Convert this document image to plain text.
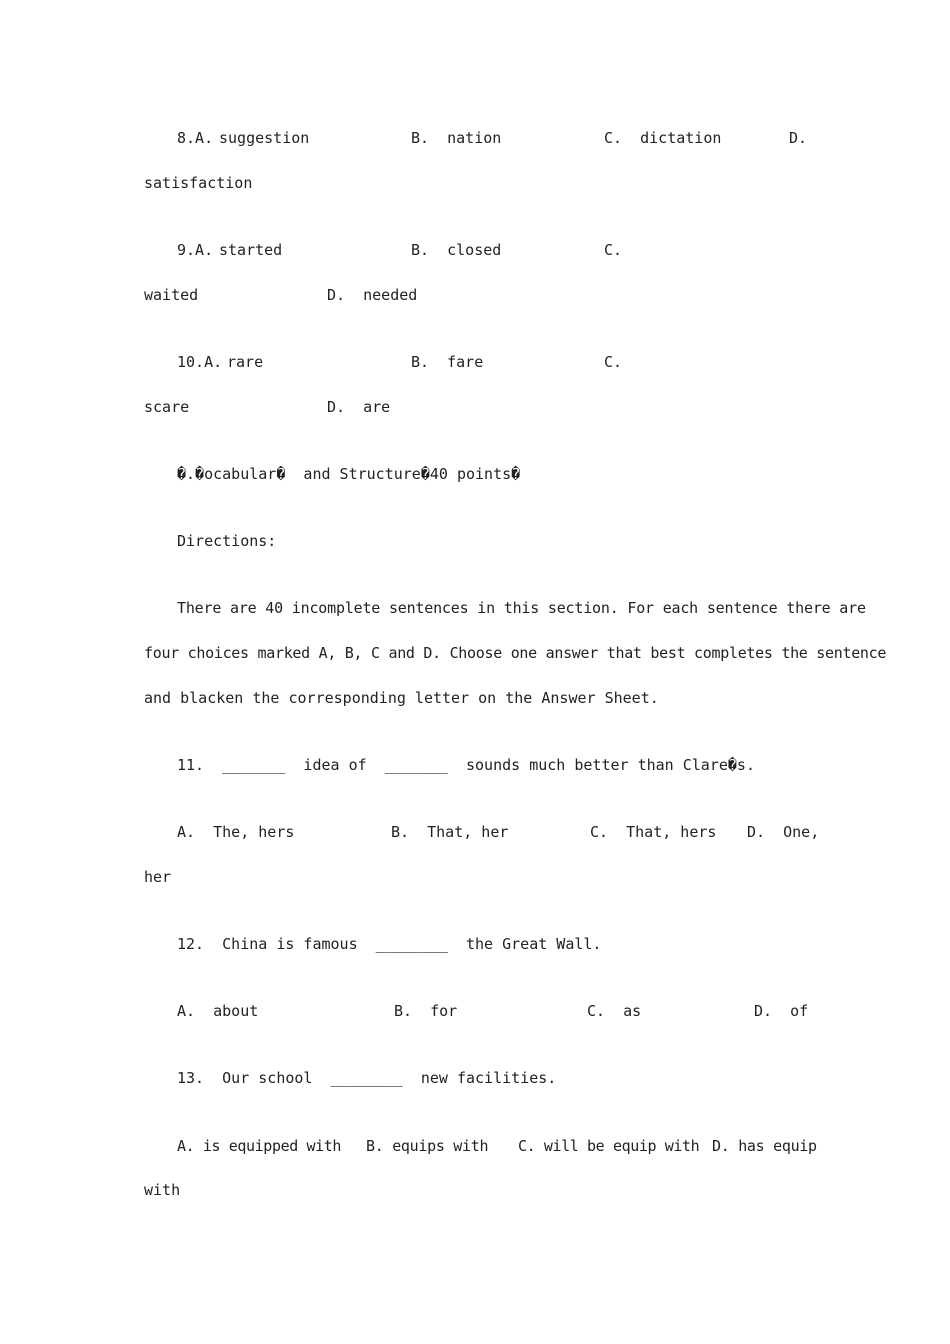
8.A. suggestion	B.  nation	C.  dictation	D.
satisfaction
9.A. started	B.  closed	C.
waited	D.  needed
10.A. rare	B.  fare	C.
scare	D.  are
�.�ocabular�  and Structure�40 points�
Directions:
There are 40 incomplete sentences in this section. For each sentence there are
four choices marked A, B, C and D. Choose one answer that best completes the sentence
and blacken the corresponding letter on the Answer Sheet.
11.  _______  idea of  _______  sounds much better than Clare�s.
A.  The, hers	B.  That, her	C.  That, hers D.  One,
her
12.  China is famous  ________  the Great Wall.
A.  about	B.  for	C.  as	D.  of
13.  Our school  ________  new facilities.
A. is equipped with B. equips with C. will be equip with D. has equip
with
